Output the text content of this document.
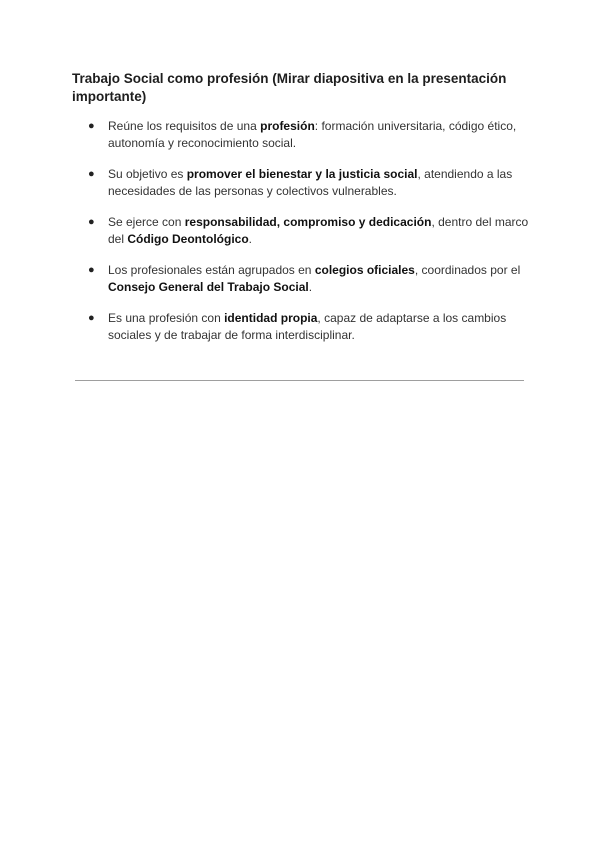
Trabajo Social como profesión (Mirar diapositiva en la presentación importante)
● Reúne los requisitos de una profesión: formación universitaria, código ético, autonomía y reconocimiento social.
● Su objetivo es promover el bienestar y la justicia social, atendiendo a las necesidades de las personas y colectivos vulnerables.
● Se ejerce con responsabilidad, compromiso y dedicación, dentro del marco del Código Deontológico.
● Los profesionales están agrupados en colegios oficiales, coordinados por el Consejo General del Trabajo Social.
● Es una profesión con identidad propia, capaz de adaptarse a los cambios sociales y de trabajar de forma interdisciplinar.
